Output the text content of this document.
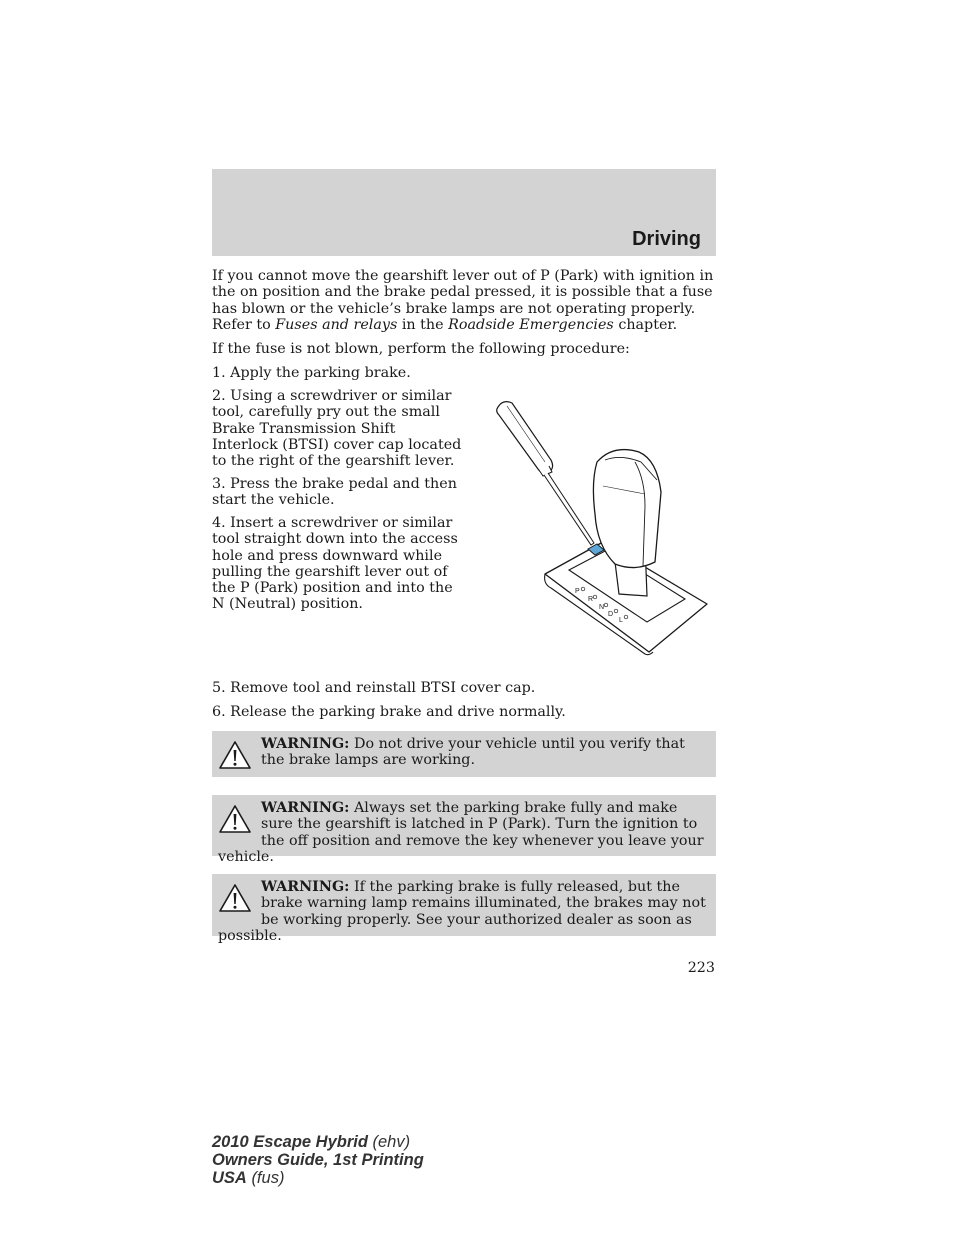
Driving

If you cannot move the gearshift lever out of P (Park) with ignition in the on position and the brake pedal pressed, it is possible that a fuse has blown or the vehicle’s brake lamps are not operating properly. Refer to Fuses and relays in the Roadside Emergencies chapter.

If the fuse is not blown, perform the following procedure:

1. Apply the parking brake.

2. Using a screwdriver or similar tool, carefully pry out the small Brake Transmission Shift Interlock (BTSI) cover cap located to the right of the gearshift lever.

3. Press the brake pedal and then start the vehicle.

4. Insert a screwdriver or similar tool straight down into the access hole and press downward while pulling the gearshift lever out of the P (Park) position and into the N (Neutral) position.

P
R
N
D
L

5. Remove tool and reinstall BTSI cover cap.

6. Release the parking brake and drive normally.

WARNING: Do not drive your vehicle until you verify that the brake lamps are working.
WARNING: Always set the parking brake fully and make sure the gearshift is latched in P (Park). Turn the ignition to the off position and remove the key whenever you leave your vehicle.
WARNING: If the parking brake is fully released, but the brake warning lamp remains illuminated, the brakes may not be working properly. See your authorized dealer as soon as possible.
223
2010 Escape Hybrid (ehv)
Owners Guide, 1st Printing
USA (fus)
